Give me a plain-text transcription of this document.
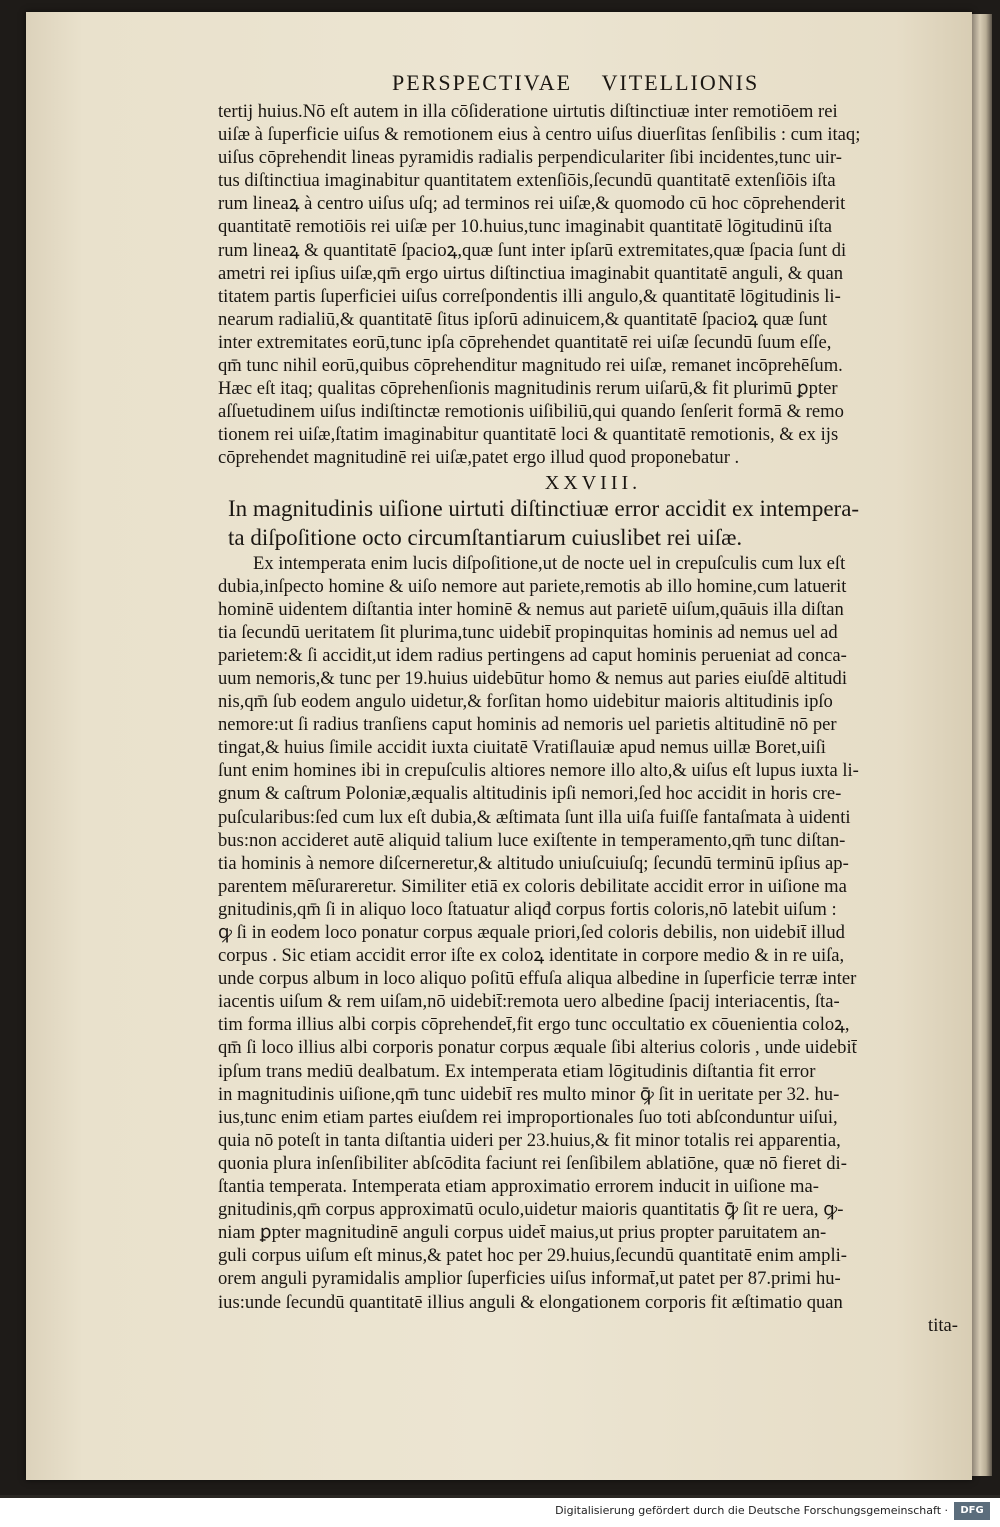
PERSPECTIVAE VITELLIONIS
tertij huius.Nō eſt autem in illa cōſideratione uirtutis diſtinctiuæ inter remotiōem rei
uiſæ à ſuperficie uiſus & remotionem eius à centro uiſus diuerſitas ſenſibilis : cum itaq;
uiſus cōprehendit lineas pyramidis radialis perpendiculariter ſibi incidentes,tunc uir-
tus diſtinctiua imaginabitur quantitatem extenſiōis,ſecundū quantitatē extenſiōis iſta
rum lineaꝝ à centro uiſus uſq; ad terminos rei uiſæ,& quomodo cū hoc cōprehenderit
quantitatē remotiōis rei uiſæ per 10.huius,tunc imaginabit quantitatē lōgitudinū iſta
rum lineaꝝ & quantitatē ſpacioꝝ,quæ ſunt inter ipſarū extremitates,quæ ſpacia ſunt di
ametri rei ipſius uiſæ,qm̄ ergo uirtus diſtinctiua imaginabit quantitatē anguli, & quan
titatem partis ſuperficiei uiſus correſpondentis illi angulo,& quantitatē lōgitudinis li-
nearum radialiū,& quantitatē ſitus ipſorū adinuicem,& quantitatē ſpacioꝝ quæ ſunt
inter extremitates eorū,tunc ipſa cōprehendet quantitatē rei uiſæ ſecundū ſuum eſſe,
qm̄ tunc nihil eorū,quibus cōprehenditur magnitudo rei uiſæ, remanet incōprehēſum.
Hæc eſt itaq; qualitas cōprehenſionis magnitudinis rerum uiſarū,& fit plurimū ꝑpter
aſſuetudinem uiſus indiſtinctæ remotionis uiſibiliū,qui quando ſenſerit formā & remo
tionem rei uiſæ,ſtatim imaginabitur quantitatē loci & quantitatē remotionis, & ex ijs
cōprehendet magnitudinē rei uiſæ,patet ergo illud quod proponebatur .
XXVIII.
In magnitudinis uiſione uirtuti diſtinctiuæ error accidit ex intempera-
ta diſpoſitione octo circumſtantiarum cuiuslibet rei uiſæ.
Ex intemperata enim lucis diſpoſitione,ut de nocte uel in crepuſculis cum lux eſt
dubia,inſpecto homine & uiſo nemore aut pariete,remotis ab illo homine,cum latuerit
hominē uidentem diſtantia inter hominē & nemus aut parietē uiſum,quāuis illa diſtan
tia ſecundū ueritatem ſit plurima,tunc uidebit̄ propinquitas hominis ad nemus uel ad
parietem:& ſi accidit,ut idem radius pertingens ad caput hominis perueniat ad conca-
uum nemoris,& tunc per 19.huius uidebūtur homo & nemus aut paries eiuſdē altitudi
nis,qm̄ ſub eodem angulo uidetur,& forſitan homo uidebitur maioris altitudinis ipſo
nemore:ut ſi radius tranſiens caput hominis ad nemoris uel parietis altitudinē nō per
tingat,& huius ſimile accidit iuxta ciuitatē Vratiſlauiæ apud nemus uillæ Boret,uiſi
ſunt enim homines ibi in crepuſculis altiores nemore illo alto,& uiſus eſt lupus iuxta li-
gnum & caſtrum Poloniæ,æqualis altitudinis ipſi nemori,ſed hoc accidit in horis cre-
puſcularibus:ſed cum lux eſt dubia,& æſtimata ſunt illa uiſa fuiſſe fantaſmata à uidenti
bus:non accideret autē aliquid talium luce exiſtente in temperamento,qm̄ tunc diſtan-
tia hominis à nemore diſcerneretur,& altitudo uniuſcuiuſq; ſecundū terminū ipſius ap-
parentem mēſurareretur. Similiter etiā ex coloris debilitate accidit error in uiſione ma
gnitudinis,qm̄ ſi in aliquo loco ſtatuatur aliqđ corpus fortis coloris,nō latebit uiſum :
ꝙ ſi in eodem loco ponatur corpus æquale priori,ſed coloris debilis, non uidebit̄ illud
corpus . Sic etiam accidit error iſte ex coloꝝ identitate in corpore medio & in re uiſa,
unde corpus album in loco aliquo poſitū effuſa aliqua albedine in ſuperficie terræ inter
iacentis uiſum & rem uiſam,nō uidebit̄:remota uero albedine ſpacij interiacentis, ſta-
tim forma illius albi corpis cōprehendet̄,fit ergo tunc occultatio ex cōuenientia coloꝝ,
qm̄ ſi loco illius albi corporis ponatur corpus æquale ſibi alterius coloris , unde uidebit̄
ipſum trans mediū dealbatum. Ex intemperata etiam lōgitudinis diſtantia fit error
in magnitudinis uiſione,qm̄ tunc uidebit̄ res multo minor ꝙ̄ ſit in ueritate per 32. hu-
ius,tunc enim etiam partes eiuſdem rei improportionales ſuo toti abſconduntur uiſui,
quia nō poteſt in tanta diſtantia uideri per 23.huius,& fit minor totalis rei apparentia,
quonia plura inſenſibiliter abſcōdita faciunt rei ſenſibilem ablatiōne, quæ nō fieret di-
ſtantia temperata. Intemperata etiam approximatio errorem inducit in uiſione ma-
gnitudinis,qm̄ corpus approximatū oculo,uidetur maioris quantitatis ꝙ̄ ſit re uera, ꝙ-
niam ꝑpter magnitudinē anguli corpus uidet̄ maius,ut prius propter paruitatem an-
guli corpus uiſum eſt minus,& patet hoc per 29.huius,ſecundū quantitatē enim ampli-
orem anguli pyramidalis amplior ſuperficies uiſus informat̄,ut patet per 87.primi hu-
ius:unde ſecundū quantitatē illius anguli & elongationem corporis fit æſtimatio quan
tita-
Digitalisierung gefördert durch die Deutsche Forschungsgemeinschaft ·	DFG
